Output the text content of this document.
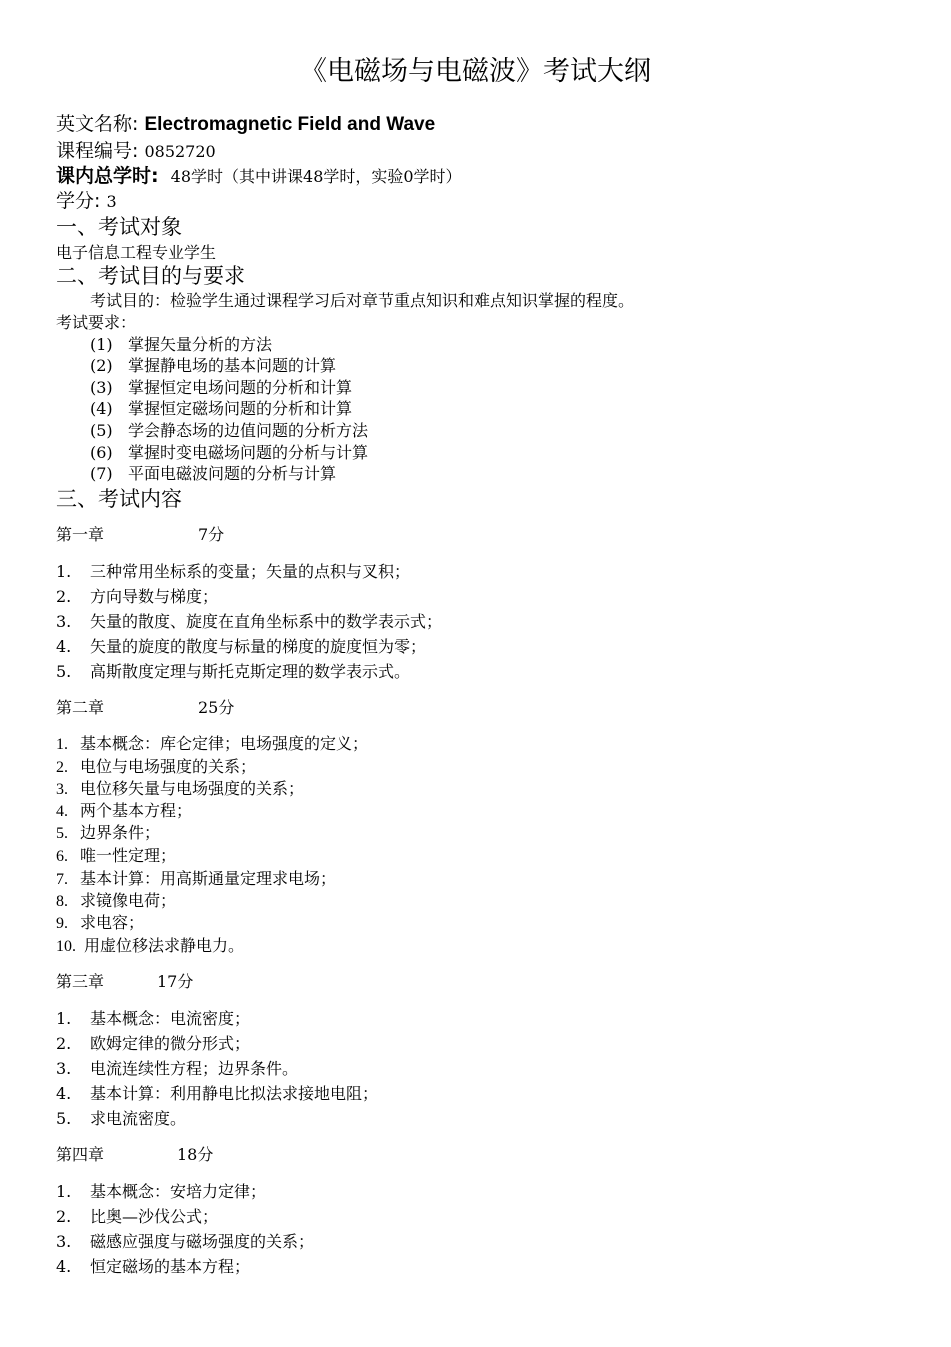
《电磁场与电磁波》考试大纲
英文名称: Electromagnetic Field and Wave
课程编号: 0852720
课内总学时: 48学时（其中讲课48学时，实验0学时）
学分: 3
一、考试对象
电子信息工程专业学生
二、考试目的与要求
考试目的：检验学生通过课程学习后对章节重点知识和难点知识掌握的程度。
考试要求：
(1) 掌握矢量分析的方法
(2) 掌握静电场的基本问题的计算
(3) 掌握恒定电场问题的分析和计算
(4) 掌握恒定磁场问题的分析和计算
(5) 学会静态场的边值问题的分析方法
(6) 掌握时变电磁场问题的分析与计算
(7) 平面电磁波问题的分析与计算
三、考试内容
第一章	7分
1. 三种常用坐标系的变量；矢量的点积与叉积；
2. 方向导数与梯度；
3. 矢量的散度、旋度在直角坐标系中的数学表示式；
4. 矢量的旋度的散度与标量的梯度的旋度恒为零；
5. 高斯散度定理与斯托克斯定理的数学表示式。
第二章	25分
1. 基本概念：库仑定律；电场强度的定义；
2. 电位与电场强度的关系；
3. 电位移矢量与电场强度的关系；
4. 两个基本方程；
5. 边界条件；
6. 唯一性定理；
7. 基本计算：用高斯通量定理求电场；
8. 求镜像电荷；
9. 求电容；
10. 用虚位移法求静电力。
第三章	17分
1. 基本概念：电流密度；
2. 欧姆定律的微分形式；
3. 电流连续性方程；边界条件。
4. 基本计算：利用静电比拟法求接地电阻；
5. 求电流密度。
第四章	18分
1. 基本概念：安培力定律；
2. 比奥—沙伐公式；
3. 磁感应强度与磁场强度的关系；
4. 恒定磁场的基本方程；
